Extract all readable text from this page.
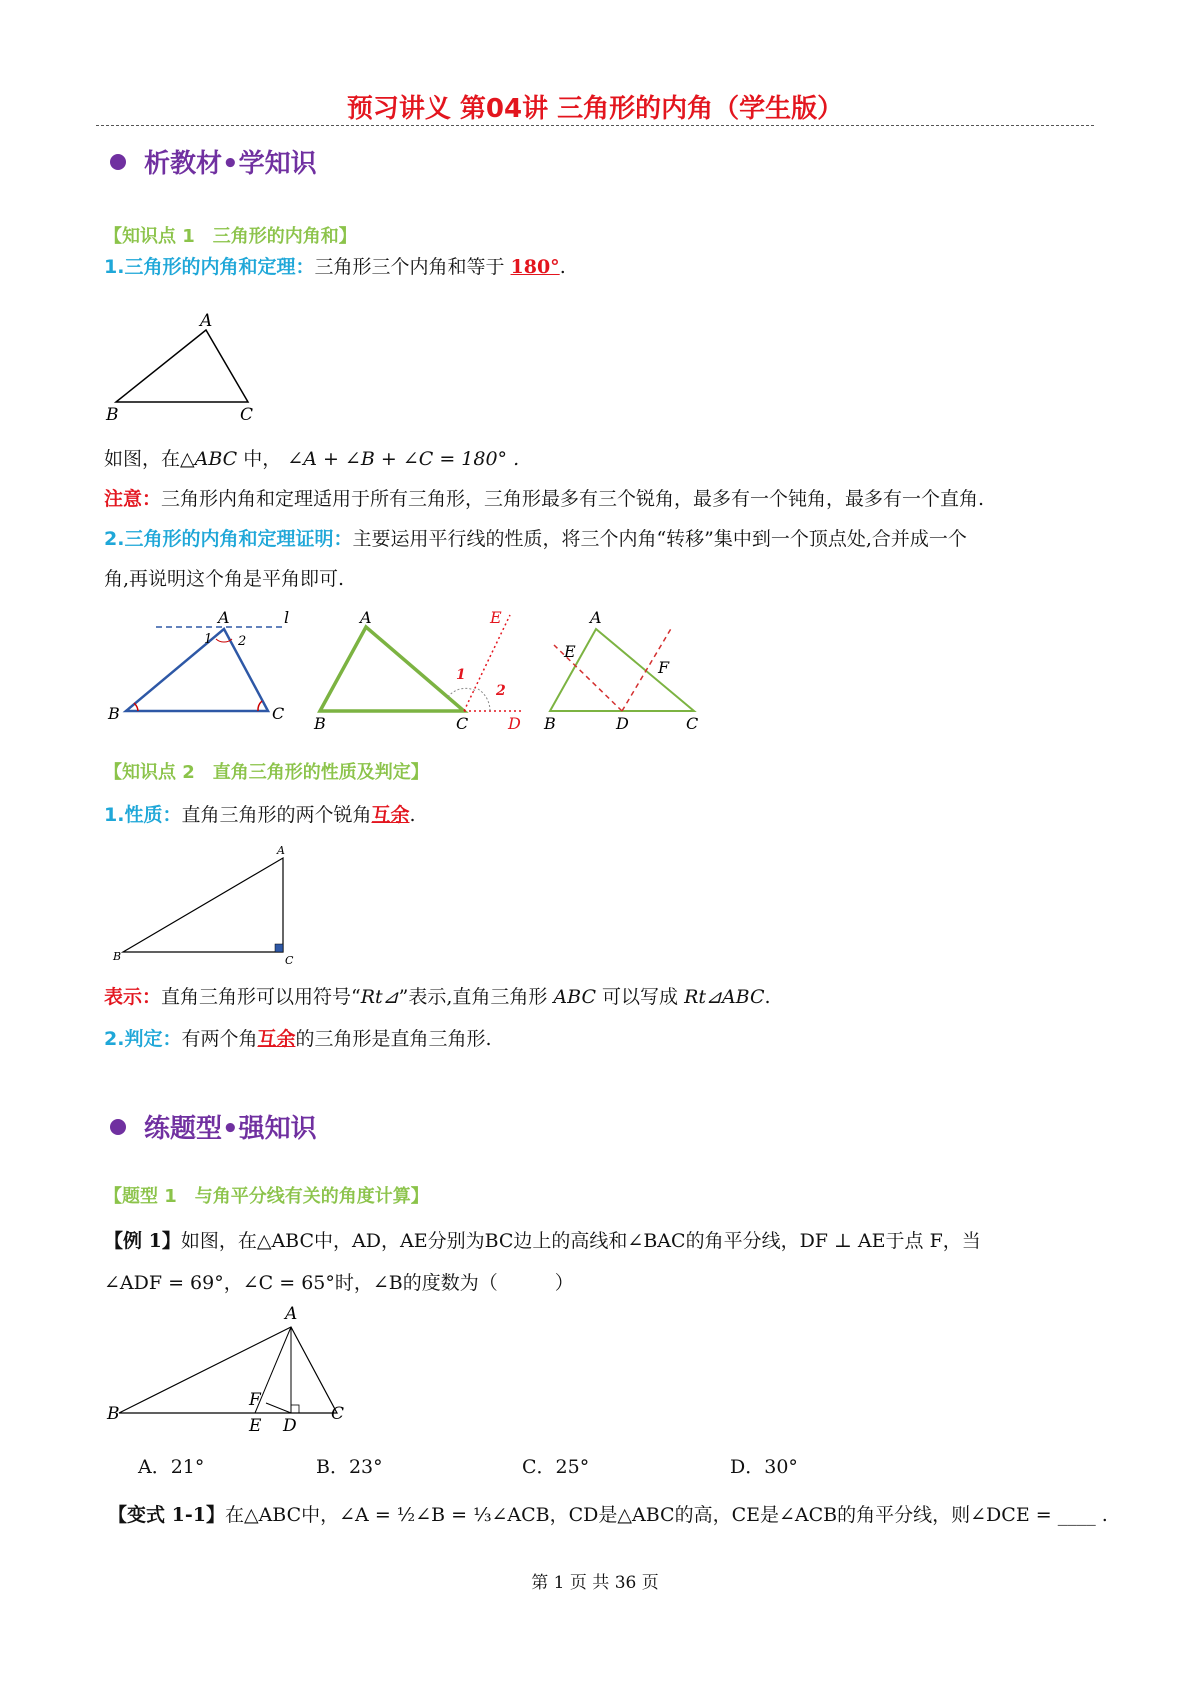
预习讲义 第04讲 三角形的内角（学生版）
析教材•学知识
【知识点 1　三角形的内角和】
1.三角形的内角和定理：三角形三个内角和等于 180°.
A
B	C
如图，在△ABC 中， ∠A + ∠B + ∠C = 180° .
注意：三角形内角和定理适用于所有三角形，三角形最多有三个锐角，最多有一个钝角，最多有一个直角.
2.三角形的内角和定理证明：主要运用平行线的性质，将三个内角“转移”集中到一个顶点处,合并成一个
角,再说明这个角是平角即可.
A	l
1 2
B	C
A	E
1
2
B	C D
A
E
F
B	D	C
【知识点 2　直角三角形的性质及判定】
1.性质：直角三角形的两个锐角互余.
A
B	C
表示：直角三角形可以用符号“Rt⊿”表示,直角三角形 ABC 可以写成 Rt⊿ABC.
2.判定：有两个角互余的三角形是直角三角形.
练题型•强知识
【题型 1　与角平分线有关的角度计算】
【例 1】如图，在△ABC中，AD，AE分别为BC边上的高线和∠BAC的角平分线，DF ⊥ AE于点 F，当
∠ADF = 69°，∠C = 65°时，∠B的度数为（　　　）
A
B	C
D
E
F
A．21°	B．23°	C．25°	D．30°
【变式 1-1】在△ABC中，∠A = ½∠B = ⅓∠ACB，CD是△ABC的高，CE是∠ACB的角平分线，则∠DCE = ____ .
第 1 页 共 36 页
